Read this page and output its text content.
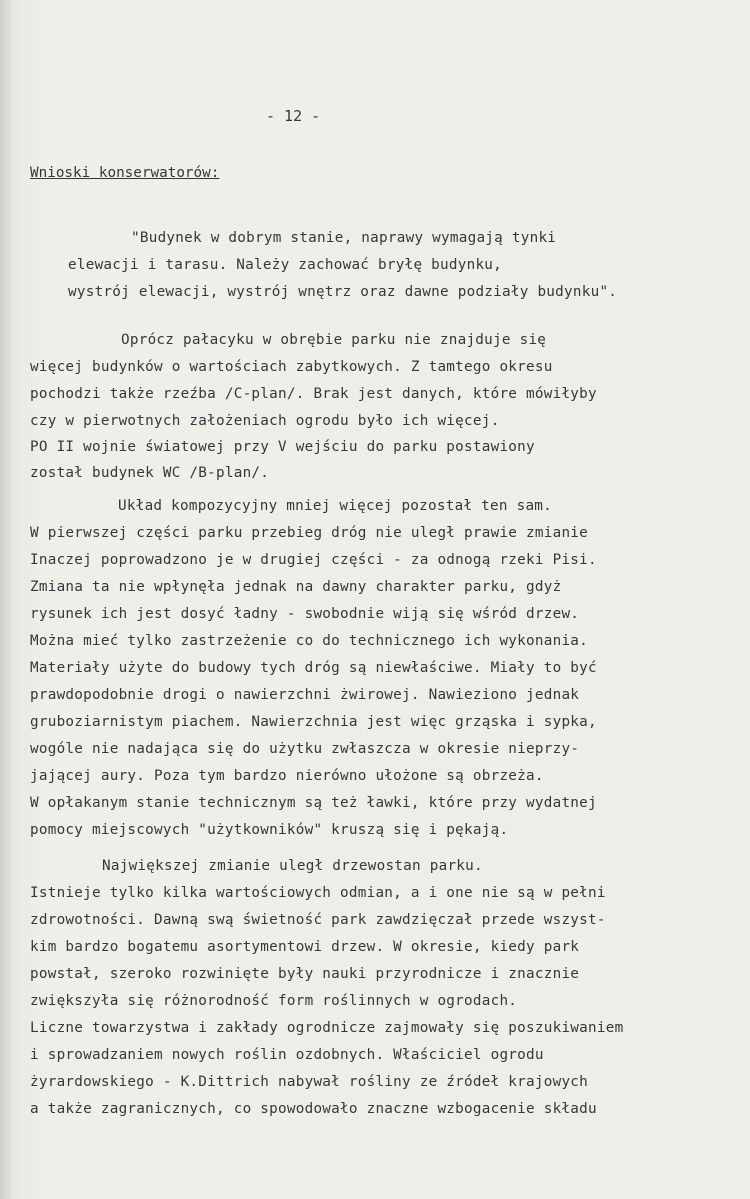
- 12 -
Wnioski konserwatorów:
"Budynek w dobrym stanie, naprawy wymagają tynki
elewacji i tarasu. Należy zachować bryłę budynku,
wystrój elewacji, wystrój wnętrz oraz dawne podziały budynku".
Oprócz pałacyku w obrębie parku nie znajduje się
więcej budynków o wartościach zabytkowych. Z tamtego okresu
pochodzi także rzeźba /C-plan/. Brak jest danych, które mówiłyby
czy w pierwotnych założeniach ogrodu było ich więcej.
PO II wojnie światowej przy V wejściu do parku postawiony
został budynek WC /B-plan/.
Układ kompozycyjny mniej więcej pozostał ten sam.
W pierwszej części parku przebieg dróg nie uległ prawie zmianie
Inaczej poprowadzono je w drugiej części - za odnogą rzeki Pisi.
Zmiana ta nie wpłynęła jednak na dawny charakter parku, gdyż
rysunek ich jest dosyć ładny - swobodnie wiją się wśród drzew.
Można mieć tylko zastrzeżenie co do technicznego ich wykonania.
Materiały użyte do budowy tych dróg są niewłaściwe. Miały to być
prawdopodobnie drogi o nawierzchni żwirowej. Nawieziono jednak
gruboziarnistym piachem. Nawierzchnia jest więc grząska i sypka,
wogóle nie nadająca się do użytku zwłaszcza w okresie nieprzy-
jającej aury. Poza tym bardzo nierówno ułożone są obrzeża.
W opłakanym stanie technicznym są też ławki, które przy wydatnej
pomocy miejscowych "użytkowników" kruszą się i pękają.
Największej zmianie uległ drzewostan parku.
Istnieje tylko kilka wartościowych odmian, a i one nie są w pełni
zdrowotności. Dawną swą świetność park zawdzięczał przede wszyst-
kim bardzo bogatemu asortymentowi drzew. W okresie, kiedy park
powstał, szeroko rozwinięte były nauki przyrodnicze i znacznie
zwiększyła się różnorodność form roślinnych w ogrodach.
Liczne towarzystwa i zakłady ogrodnicze zajmowały się poszukiwaniem
i sprowadzaniem nowych roślin ozdobnych. Właściciel ogrodu
żyrardowskiego - K.Dittrich nabywał rośliny ze źródeł krajowych
a także zagranicznych, co spowodowało znaczne wzbogacenie składu
